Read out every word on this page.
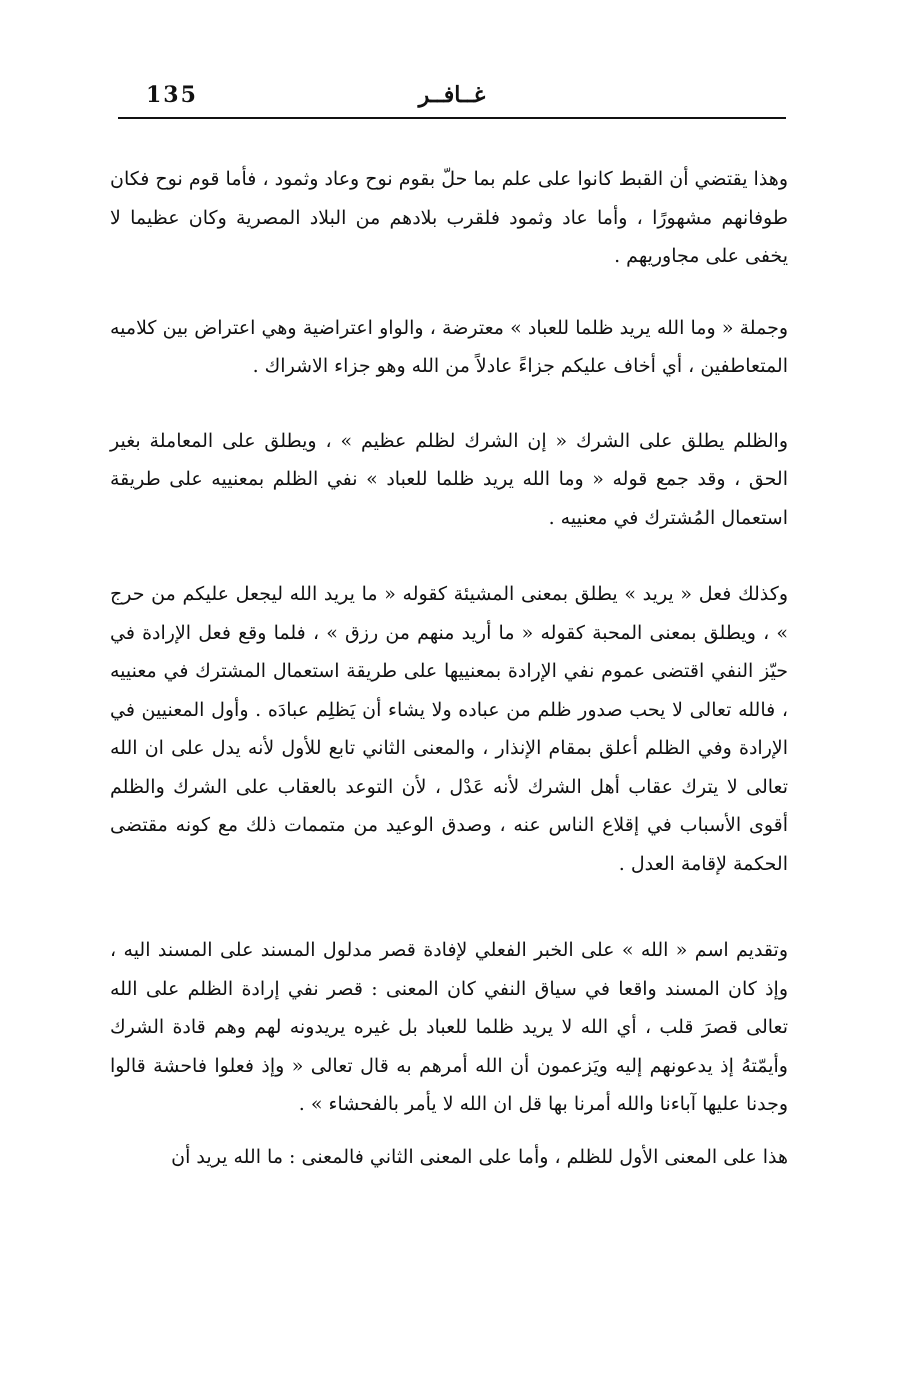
135	غــافــر

وهذا يقتضي أن القبط كانوا على علم بما حلّ بقوم نوح وعاد وثمود ، فأما قوم نوح فكان طوفانهم مشهورًا ، وأما عاد وثمود فلقرب بلادهم من البلاد المصرية وكان عظيما لا يخفى على مجاوريهم .

وجملة « وما الله يريد ظلما للعباد » معترضة ، والواو اعتراضية وهي اعتراض بين كلاميه المتعاطفين ، أي أخاف عليكم جزاءً عادلاً من الله وهو جزاء الاشراك .

والظلم يطلق على الشرك « إن الشرك لظلم عظيم » ، ويطلق على المعاملة بغير الحق ، وقد جمع قوله « وما الله يريد ظلما للعباد » نفي الظلم بمعنييه على طريقة استعمال المُشترك في معنييه .

وكذلك فعل « يريد » يطلق بمعنى المشيئة كقوله « ما يريد الله ليجعل عليكم من حرج » ، ويطلق بمعنى المحبة كقوله « ما أريد منهم من رزق » ، فلما وقع فعل الإرادة في حيّز النفي اقتضى عموم نفي الإرادة بمعنييها على طريقة استعمال المشترك في معنييه ، فالله تعالى لا يحب صدور ظلم من عباده ولا يشاء أن يَظلِم عبادَه . وأول المعنيين في الإرادة وفي الظلم أعلق بمقام الإنذار ، والمعنى الثاني تابع للأول لأنه يدل على ان الله تعالى لا يترك عقاب أهل الشرك لأنه عَدْل ، لأن التوعد بالعقاب على الشرك والظلم أقوى الأسباب في إقلاع الناس عنه ، وصدق الوعيد من متممات ذلك مع كونه مقتضى الحكمة لإقامة العدل .

وتقديم اسم « الله » على الخبر الفعلي لإفادة قصر مدلول المسند على المسند اليه ، وإذ كان المسند واقعا في سياق النفي كان المعنى : قصر نفي إرادة الظلم على الله تعالى قصرَ قلب ، أي الله لا يريد ظلما للعباد بل غيره يريدونه لهم وهم قادة الشرك وأيمّتهُ إذ يدعونهم إليه ويَزعمون أن الله أمرهم به قال تعالى « وإذ فعلوا فاحشة قالوا وجدنا عليها آباءنا والله أمرنا بها قل ان الله لا يأمر بالفحشاء » .

هذا على المعنى الأول للظلم ، وأما على المعنى الثاني فالمعنى : ما الله يريد أن
